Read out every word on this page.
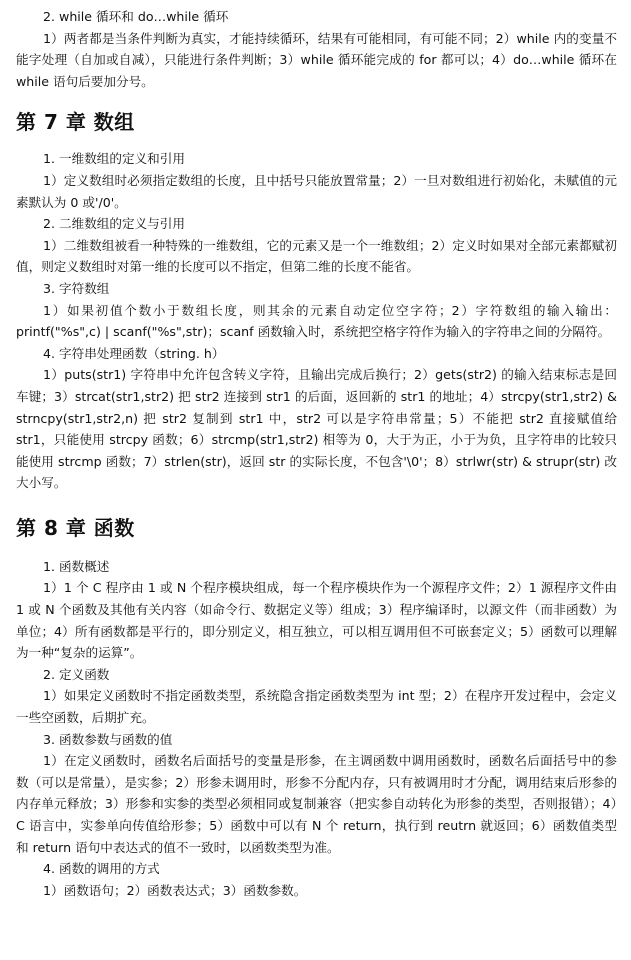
2. while 循环和 do…while 循环

1）两者都是当条件判断为真实，才能持续循环，结果有可能相同，有可能不同；2）while 内的变量不能字处理（自加或自减），只能进行条件判断；3）while 循环能完成的 for 都可以；4）do…while 循环在 while 语句后要加分号。

第 7 章 数组

1. 一维数组的定义和引用

1）定义数组时必须指定数组的长度，且中括号只能放置常量；2）一旦对数组进行初始化，未赋值的元素默认为 0 或'/0'。

2. 二维数组的定义与引用

1）二维数组被看一种特殊的一维数组，它的元素又是一个一维数组；2）定义时如果对全部元素都赋初值，则定义数组时对第一维的长度可以不指定，但第二维的长度不能省。

3. 字符数组

1）如果初值个数小于数组长度，则其余的元素自动定位空字符；2）字符数组的输入输出：printf("%s",c) | scanf("%s",str)；scanf 函数输入时，系统把空格字符作为输入的字符串之间的分隔符。

4. 字符串处理函数（string. h）

1）puts(str1) 字符串中允许包含转义字符，且输出完成后换行；2）gets(str2) 的输入结束标志是回车键；3）strcat(str1,str2) 把 str2 连接到 str1 的后面，返回新的 str1 的地址；4）strcpy(str1,str2) & strncpy(str1,str2,n) 把 str2 复制到 str1 中，str2 可以是字符串常量；5）不能把 str2 直接赋值给 str1，只能使用 strcpy 函数；6）strcmp(str1,str2) 相等为 0，大于为正，小于为负，且字符串的比较只能使用 strcmp 函数；7）strlen(str)，返回 str 的实际长度，不包含'\0'；8）strlwr(str) & strupr(str) 改大小写。

第 8 章 函数

1. 函数概述

1）1 个 C 程序由 1 或 N 个程序模块组成，每一个程序模块作为一个源程序文件；2）1 源程序文件由 1 或 N 个函数及其他有关内容（如命令行、数据定义等）组成；3）程序编译时，以源文件（而非函数）为单位；4）所有函数都是平行的，即分别定义，相互独立，可以相互调用但不可嵌套定义；5）函数可以理解为一种“复杂的运算”。

2. 定义函数

1）如果定义函数时不指定函数类型，系统隐含指定函数类型为 int 型；2）在程序开发过程中，会定义一些空函数，后期扩充。

3. 函数参数与函数的值

1）在定义函数时，函数名后面括号的变量是形参，在主调函数中调用函数时，函数名后面括号中的参数（可以是常量），是实参；2）形参未调用时，形参不分配内存，只有被调用时才分配，调用结束后形参的内存单元释放；3）形参和实参的类型必须相同或复制兼容（把实参自动转化为形参的类型，否则报错）；4）C 语言中，实参单向传值给形参；5）函数中可以有 N 个 return，执行到 reutrn 就返回；6）函数值类型和 return 语句中表达式的值不一致时，以函数类型为准。

4. 函数的调用的方式

1）函数语句；2）函数表达式；3）函数参数。
